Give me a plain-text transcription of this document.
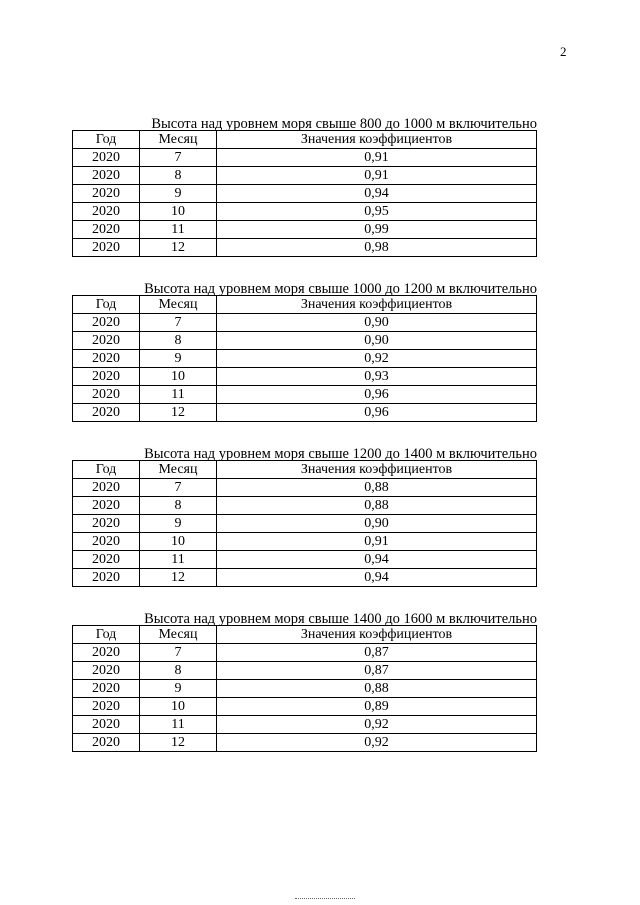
2
Высота над уровнем моря свыше 800 до 1000 м включительно
Год	Месяц	Значения коэффициентов
2020	7	0,91
2020	8	0,91
2020	9	0,94
2020	10	0,95
2020	11	0,99
2020	12	0,98
Высота над уровнем моря свыше 1000 до 1200 м включительно
Год	Месяц	Значения коэффициентов
2020	7	0,90
2020	8	0,90
2020	9	0,92
2020	10	0,93
2020	11	0,96
2020	12	0,96
Высота над уровнем моря свыше 1200 до 1400 м включительно
Год	Месяц	Значения коэффициентов
2020	7	0,88
2020	8	0,88
2020	9	0,90
2020	10	0,91
2020	11	0,94
2020	12	0,94
Высота над уровнем моря свыше 1400 до 1600 м включительно
Год	Месяц	Значения коэффициентов
2020	7	0,87
2020	8	0,87
2020	9	0,88
2020	10	0,89
2020	11	0,92
2020	12	0,92
